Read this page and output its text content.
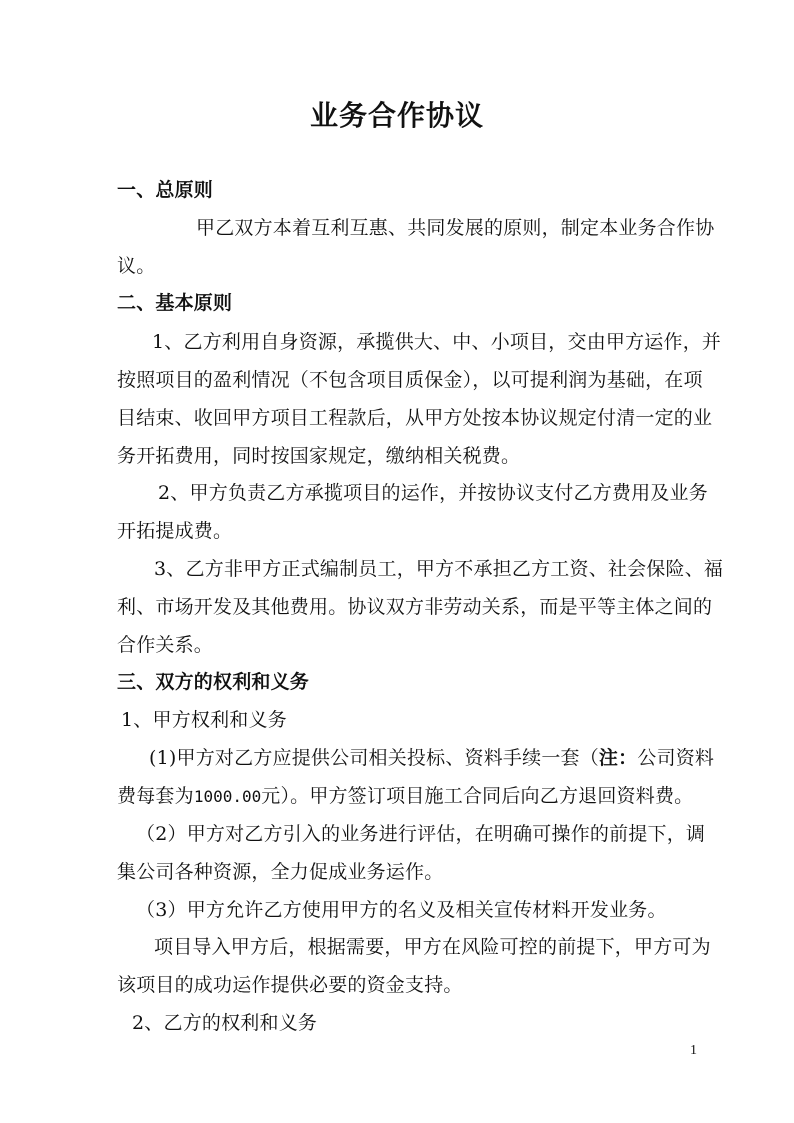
业务合作协议
一、总原则
甲乙双方本着互利互惠、共同发展的原则，制定本业务合作协
议。
二、基本原则
1、乙方利用自身资源，承揽供大、中、小项目，交由甲方运作，并
按照项目的盈利情况（不包含项目质保金），以可提利润为基础，在项
目结束、收回甲方项目工程款后，从甲方处按本协议规定付清一定的业
务开拓费用，同时按国家规定，缴纳相关税费。
2、甲方负责乙方承揽项目的运作，并按协议支付乙方费用及业务
开拓提成费。
3、乙方非甲方正式编制员工，甲方不承担乙方工资、社会保险、福
利、市场开发及其他费用。协议双方非劳动关系，而是平等主体之间的
合作关系。
三、双方的权利和义务
1、甲方权利和义务
(1)甲方对乙方应提供公司相关投标、资料手续一套（注：公司资料
费每套为1000.00元）。甲方签订项目施工合同后向乙方退回资料费。
（2）甲方对乙方引入的业务进行评估，在明确可操作的前提下，调
集公司各种资源，全力促成业务运作。
（3）甲方允许乙方使用甲方的名义及相关宣传材料开发业务。
项目导入甲方后，根据需要，甲方在风险可控的前提下，甲方可为
该项目的成功运作提供必要的资金支持。
2、乙方的权利和义务
1
